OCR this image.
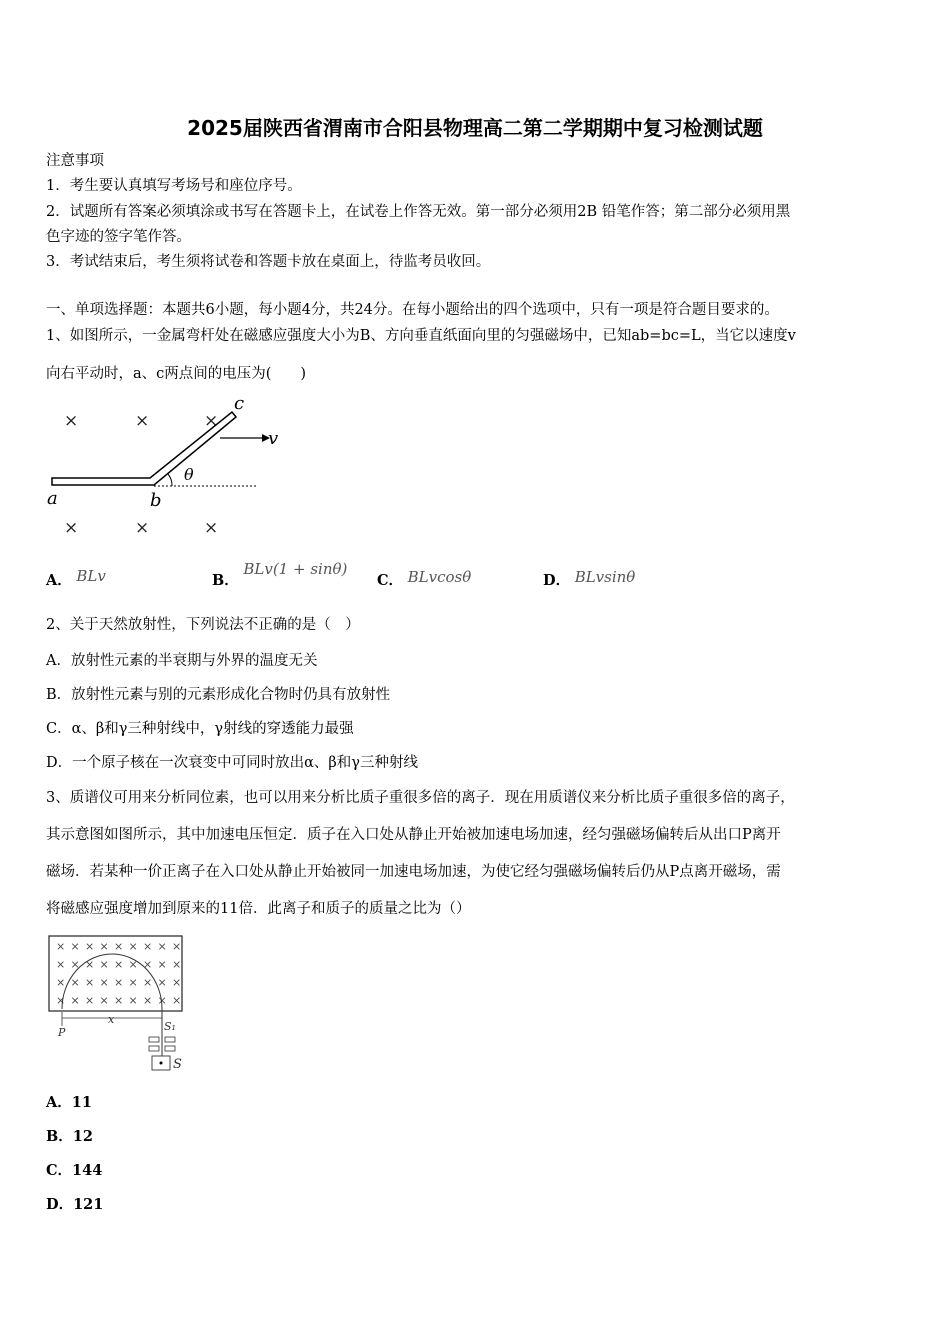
2025届陕西省渭南市合阳县物理高二第二学期期中复习检测试题
注意事项
1．考生要认真填写考场号和座位序号。
2．试题所有答案必须填涂或书写在答题卡上，在试卷上作答无效。第一部分必须用2B 铅笔作答；第二部分必须用黑
色字迹的签字笔作答。
3．考试结束后，考生须将试卷和答题卡放在桌面上，待监考员收回。
一、单项选择题：本题共6小题，每小题4分，共24分。在每小题给出的四个选项中，只有一项是符合题目要求的。
1、如图所示，一金属弯杆处在磁感应强度大小为B、方向垂直纸面向里的匀强磁场中，已知ab=bc=L，当它以速度v
向右平动时，a、c两点间的电压为(　　)
×	×	×
×	×	×
a	b
c
v
θ
A． BLv	B． BLv(1 + sinθ)
C． BLvcosθ	D． BLvsinθ
2、关于天然放射性，下列说法不正确的是（　）
A．放射性元素的半衰期与外界的温度无关
B．放射性元素与别的元素形成化合物时仍具有放射性
C．α、β和γ三种射线中，γ射线的穿透能力最强
D．一个原子核在一次衰变中可同时放出α、β和γ三种射线
3、质谱仪可用来分析同位素，也可以用来分析比质子重很多倍的离子．现在用质谱仪来分析比质子重很多倍的离子，
其示意图如图所示，其中加速电压恒定．质子在入口处从静止开始被加速电场加速，经匀强磁场偏转后从出口P离开
磁场．若某种一价正离子在入口处从静止开始被同一加速电场加速，为使它经匀强磁场偏转后仍从P点离开磁场，需
将磁感应强度增加到原来的11倍．此离子和质子的质量之比为（）
× × × × × × × × ×
× × × × × × × × ×
× × × × × × × × ×
× × × × × × × × ×
P
x
S₁
S
A．11
B．12
C．144
D．121
